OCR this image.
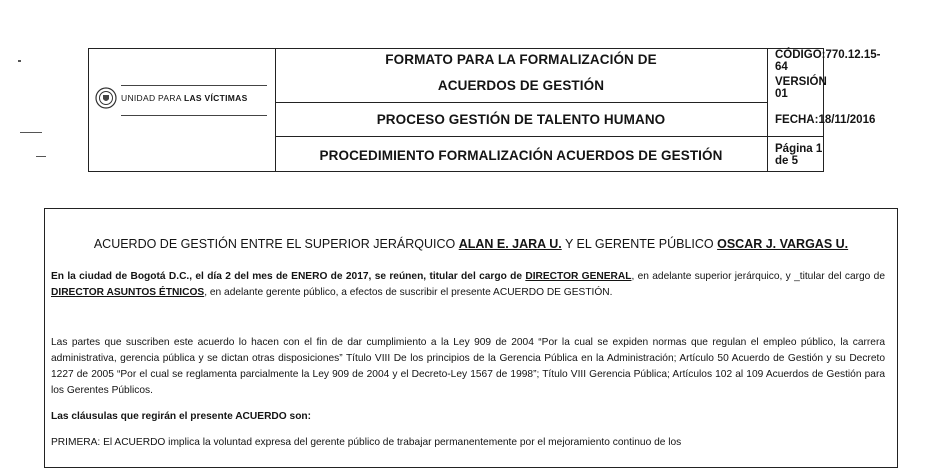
UNIDAD PARA LAS VÍCTIMAS
FORMATO PARA LA FORMALIZACIÓN DE
ACUERDOS DE GESTIÓN
PROCESO GESTIÓN DE TALENTO HUMANO
PROCEDIMIENTO FORMALIZACIÓN ACUERDOS DE GESTIÓN
CÓDIGO:770.12.15-64
VERSIÓN 01
FECHA:18/11/2016
Página 1 de 5
ACUERDO DE GESTIÓN ENTRE EL SUPERIOR JERÁRQUICO ALAN E. JARA U. Y EL GERENTE PÚBLICO OSCAR J. VARGAS U.
En la ciudad de Bogotá D.C., el día 2 del mes de ENERO de 2017, se reúnen, titular del cargo de DIRECTOR GENERAL, en adelante superior jerárquico, y _titular del cargo de DIRECTOR ASUNTOS ÉTNICOS, en adelante gerente público, a efectos de suscribir el presente ACUERDO DE GESTIÓN.
Las partes que suscriben este acuerdo lo hacen con el fin de dar cumplimiento a la Ley 909 de 2004 “Por la cual se expiden normas que regulan el empleo público, la carrera administrativa, gerencia pública y se dictan otras disposiciones” Título VIII De los principios de la Gerencia Pública en la Administración; Artículo 50 Acuerdo de Gestión y su Decreto 1227 de 2005 “Por el cual se reglamenta parcialmente la Ley 909 de 2004 y el Decreto-Ley 1567 de 1998”; Título VIII Gerencia Pública; Artículos 102 al 109 Acuerdos de Gestión para los Gerentes Públicos.
Las cláusulas que regirán el presente ACUERDO son:
PRIMERA: El ACUERDO implica la voluntad expresa del gerente público de trabajar permanentemente por el mejoramiento continuo de los
